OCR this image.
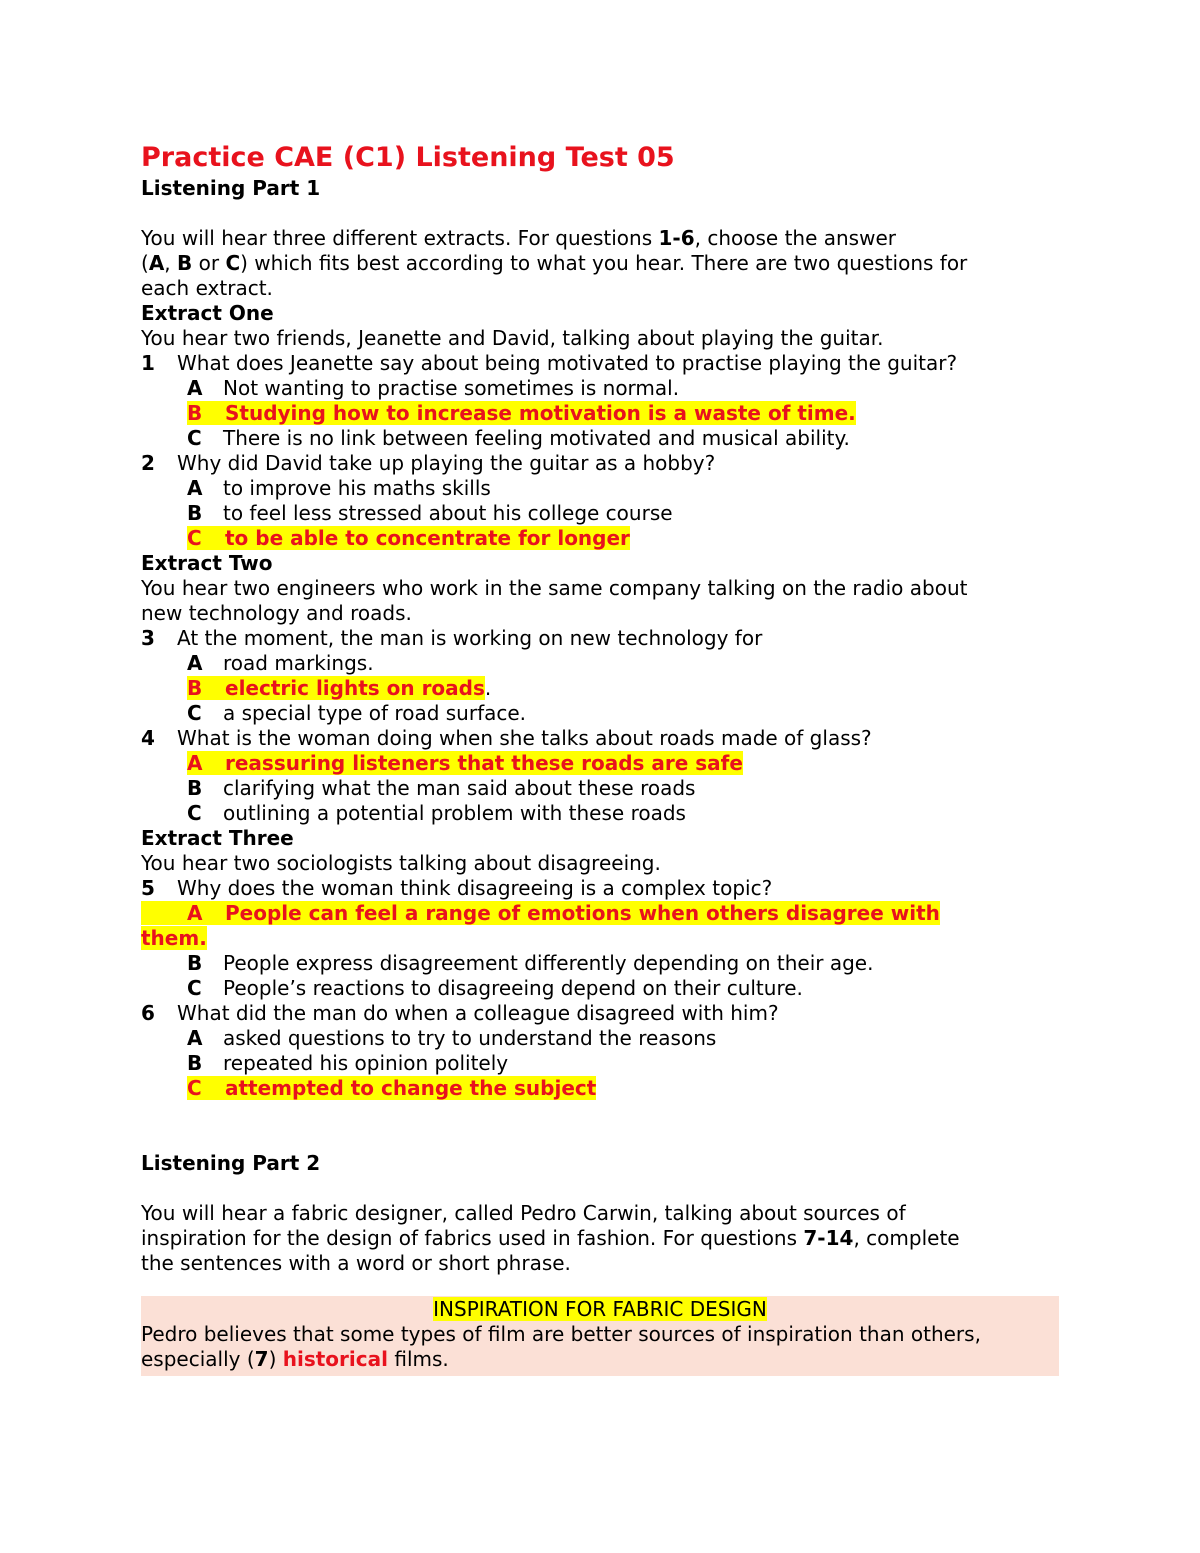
Practice CAE (C1) Listening Test 05
Listening Part 1
You will hear three different extracts. For questions 1-6, choose the answer
(A, B or C) which fits best according to what you hear. There are two questions for
each extract.
Extract One
You hear two friends, Jeanette and David, talking about playing the guitar.
1	What does Jeanette say about being motivated to practise playing the guitar?
A Not wanting to practise sometimes is normal.
B Studying how to increase motivation is a waste of time.
C There is no link between feeling motivated and musical ability.
2	Why did David take up playing the guitar as a hobby?
A to improve his maths skills
B to feel less stressed about his college course
C to be able to concentrate for longer
Extract Two
You hear two engineers who work in the same company talking on the radio about
new technology and roads.
3	At the moment, the man is working on new technology for
A road markings.
B electric lights on roads.
C a special type of road surface.
4	What is the woman doing when she talks about roads made of glass?
A reassuring listeners that these roads are safe
B clarifying what the man said about these roads
C outlining a potential problem with these roads
Extract Three
You hear two sociologists talking about disagreeing.
5	Why does the woman think disagreeing is a complex topic?
A People can feel a range of emotions when others disagree with
them.
B People express disagreement differently depending on their age.
C People’s reactions to disagreeing depend on their culture.
6	What did the man do when a colleague disagreed with him?
A asked questions to try to understand the reasons
B repeated his opinion politely
C attempted to change the subject
Listening Part 2
You will hear a fabric designer, called Pedro Carwin, talking about sources of
inspiration for the design of fabrics used in fashion. For questions 7-14, complete
the sentences with a word or short phrase.
INSPIRATION FOR FABRIC DESIGN
Pedro believes that some types of film are better sources of inspiration than others,
especially (7) historical films.
